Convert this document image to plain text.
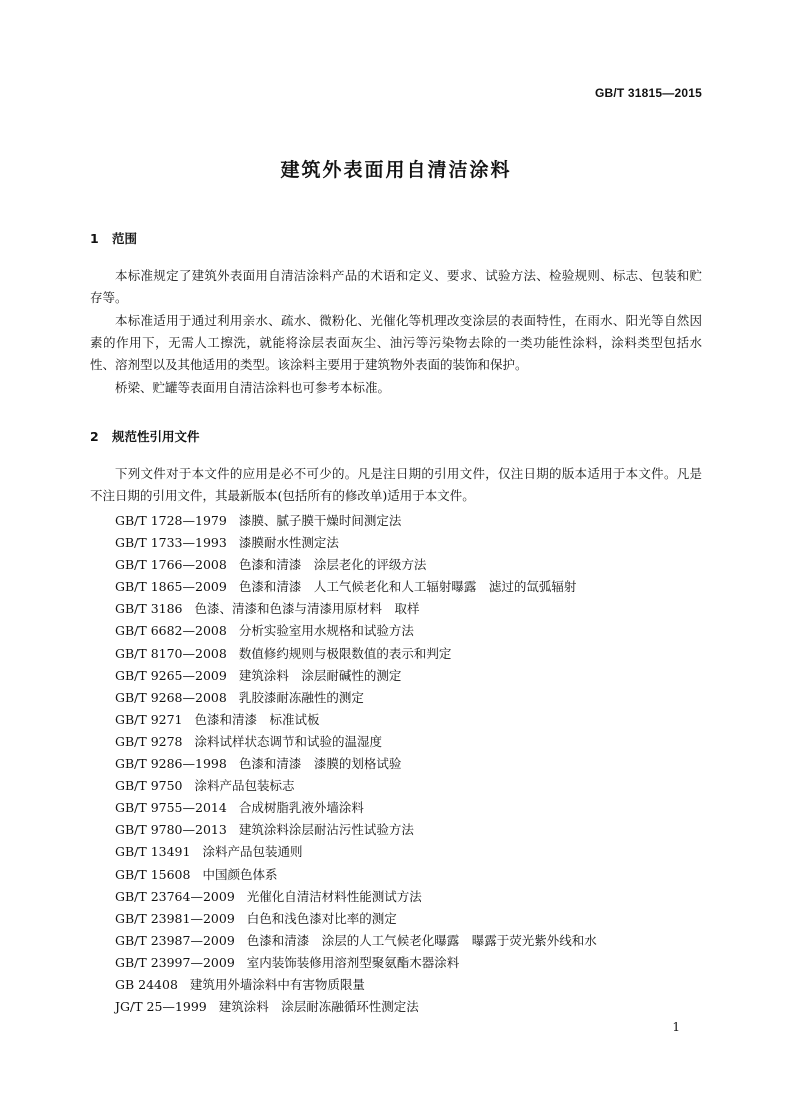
GB/T 31815—2015
建筑外表面用自清洁涂料
1 范围

本标准规定了建筑外表面用自清洁涂料产品的术语和定义、要求、试验方法、检验规则、标志、包装和贮存等。

本标准适用于通过利用亲水、疏水、微粉化、光催化等机理改变涂层的表面特性，在雨水、阳光等自然因素的作用下，无需人工擦洗，就能将涂层表面灰尘、油污等污染物去除的一类功能性涂料，涂料类型包括水性、溶剂型以及其他适用的类型。该涂料主要用于建筑物外表面的装饰和保护。

桥梁、贮罐等表面用自清洁涂料也可参考本标准。

2 规范性引用文件

下列文件对于本文件的应用是必不可少的。凡是注日期的引用文件，仅注日期的版本适用于本文件。凡是不注日期的引用文件，其最新版本(包括所有的修改单)适用于本文件。

GB/T 1728—1979 漆膜、腻子膜干燥时间测定法
GB/T 1733—1993 漆膜耐水性测定法
GB/T 1766—2008 色漆和清漆　涂层老化的评级方法
GB/T 1865—2009 色漆和清漆　人工气候老化和人工辐射曝露　滤过的氙弧辐射
GB/T 3186 色漆、清漆和色漆与清漆用原材料　取样
GB/T 6682—2008 分析实验室用水规格和试验方法
GB/T 8170—2008 数值修约规则与极限数值的表示和判定
GB/T 9265—2009 建筑涂料　涂层耐碱性的测定
GB/T 9268—2008 乳胶漆耐冻融性的测定
GB/T 9271 色漆和清漆　标准试板
GB/T 9278 涂料试样状态调节和试验的温湿度
GB/T 9286—1998 色漆和清漆　漆膜的划格试验
GB/T 9750 涂料产品包装标志
GB/T 9755—2014 合成树脂乳液外墙涂料
GB/T 9780—2013 建筑涂料涂层耐沾污性试验方法
GB/T 13491 涂料产品包装通则
GB/T 15608 中国颜色体系
GB/T 23764—2009 光催化自清洁材料性能测试方法
GB/T 23981—2009 白色和浅色漆对比率的测定
GB/T 23987—2009 色漆和清漆　涂层的人工气候老化曝露　曝露于荧光紫外线和水
GB/T 23997—2009 室内装饰装修用溶剂型聚氨酯木器涂料
GB 24408 建筑用外墙涂料中有害物质限量
JG/T 25—1999 建筑涂料　涂层耐冻融循环性测定法
1
